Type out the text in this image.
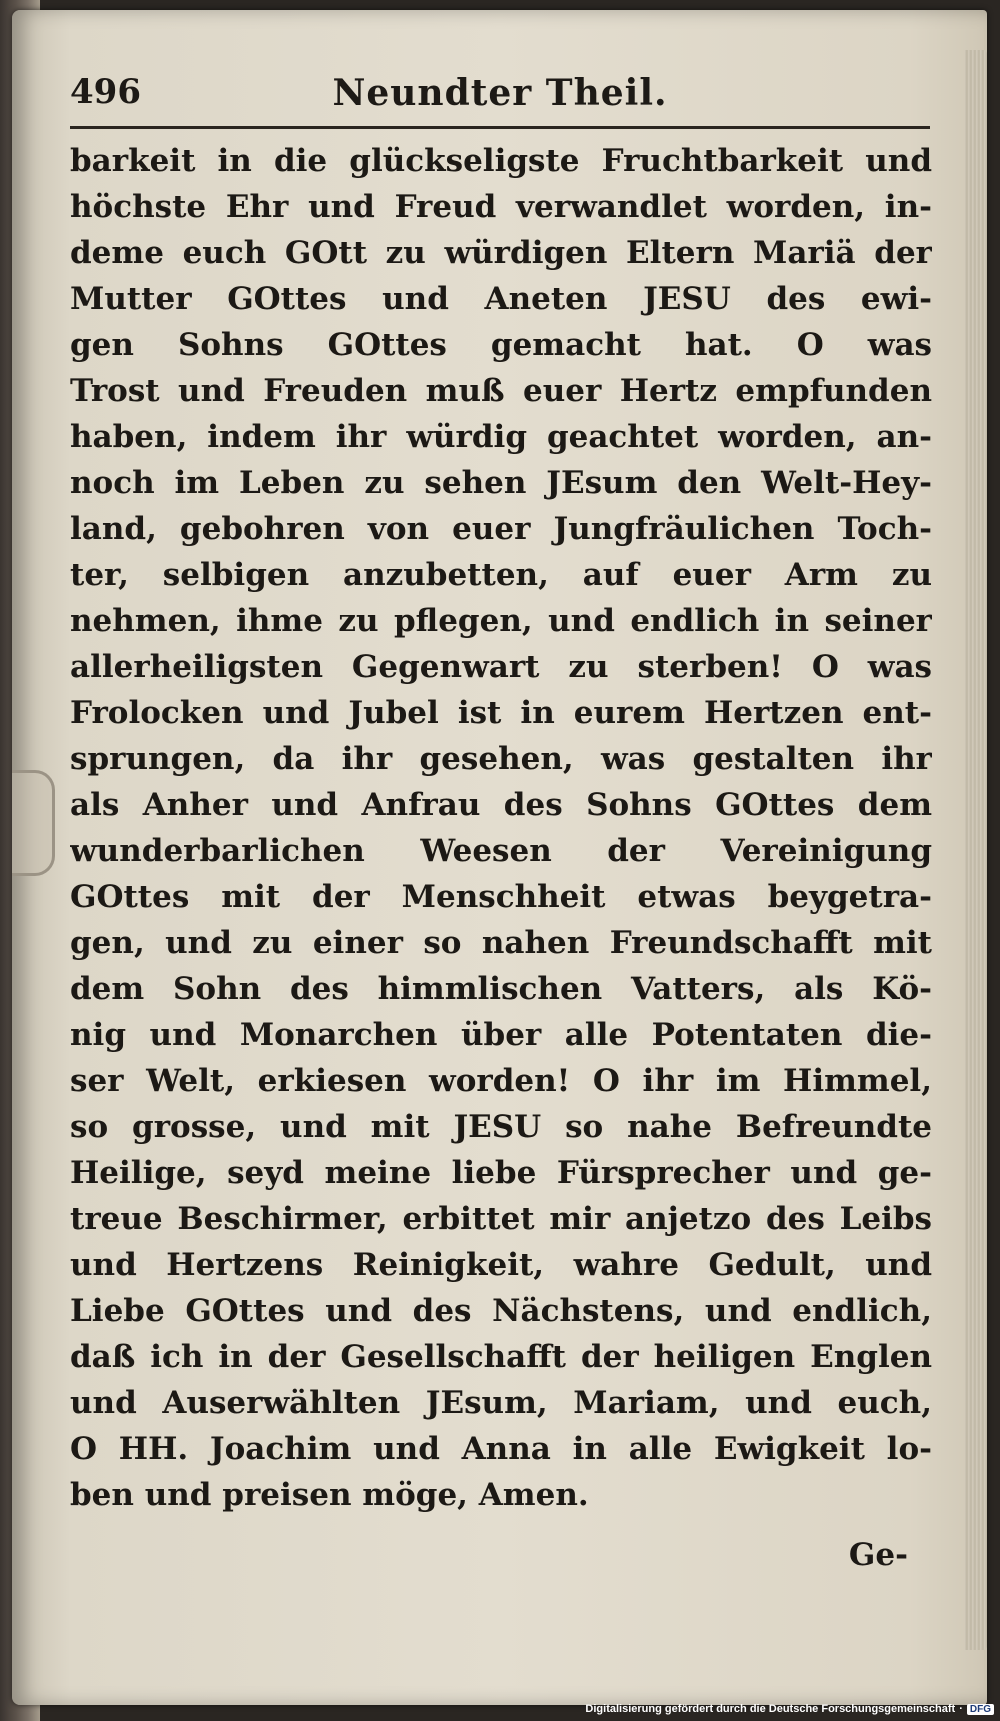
496	Neundter Theil.
barkeit in die glückseligste Fruchtbarkeit und
höchste Ehr und Freud verwandlet worden, in-
deme euch GOtt zu würdigen Eltern Mariä der
Mutter GOttes und Aneten JESU des ewi-
gen Sohns GOttes gemacht hat. O was
Trost und Freuden muß euer Hertz empfunden
haben, indem ihr würdig geachtet worden, an-
noch im Leben zu sehen JEsum den Welt-Hey-
land, gebohren von euer Jungfräulichen Toch-
ter, selbigen anzubetten, auf euer Arm zu
nehmen, ihme zu pflegen, und endlich in seiner
allerheiligsten Gegenwart zu sterben! O was
Frolocken und Jubel ist in eurem Hertzen ent-
sprungen, da ihr gesehen, was gestalten ihr
als Anher und Anfrau des Sohns GOttes dem
wunderbarlichen Weesen der Vereinigung
GOttes mit der Menschheit etwas beygetra-
gen, und zu einer so nahen Freundschafft mit
dem Sohn des himmlischen Vatters, als Kö-
nig und Monarchen über alle Potentaten die-
ser Welt, erkiesen worden! O ihr im Himmel,
so grosse, und mit JESU so nahe Befreundte
Heilige, seyd meine liebe Fürsprecher und ge-
treue Beschirmer, erbittet mir anjetzo des Leibs
und Hertzens Reinigkeit, wahre Gedult, und
Liebe GOttes und des Nächstens, und endlich,
daß ich in der Gesellschafft der heiligen Englen
und Auserwählten JEsum, Mariam, und euch,
O HH. Joachim und Anna in alle Ewigkeit lo-
ben und preisen möge, Amen.
Ge-
Digitalisierung gefördert durch die Deutsche Forschungsgemeinschaft · DFG
